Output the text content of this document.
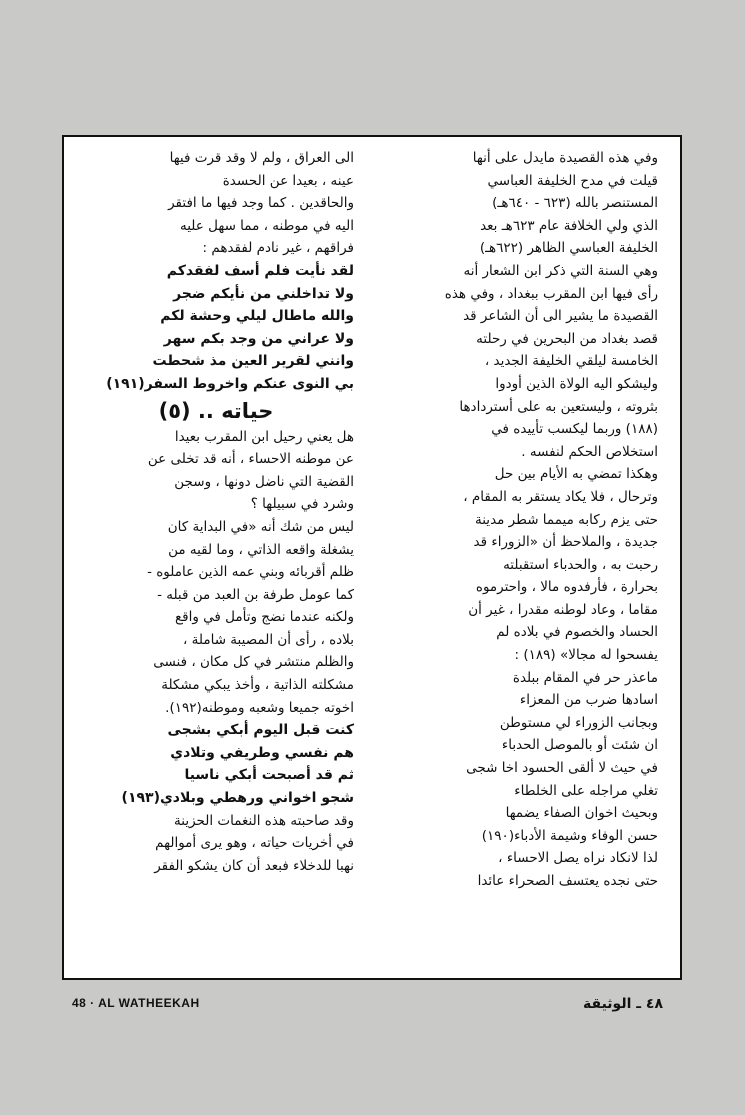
وفي هذه القصيدة مايدل على أنها

قيلت في مدح الخليفة العباسي

المستنصر بالله (٦٢٣ - ٦٤٠هـ)

الذي ولي الخلافة عام ٦٢٣هـ بعد

الخليفة العباسي الظاهر (٦٢٢هـ)

وهي السنة التي ذكر ابن الشعار أنه

رأى فيها ابن المقرب ببغداد ، وفي هذه

القصيدة ما يشير الى أن الشاعر قد

قصد بغداد من البحرين في رحلته

الخامسة ليلقي الخليفة الجديد ،

وليشكو اليه الولاة الذين أودوا

بثروته ، وليستعين به على أستردادها

(١٨٨) وربما ليكسب تأييده في

استخلاص الحكم لنفسه .

وهكذا تمضي به الأيام بين حل

وترحال ، فلا يكاد يستقر به المقام ،

حتى يزم ركابه ميمما شطر مدينة

جديدة ، والملاحظ أن «الزوراء قد

رحبت به ، والحدباء استقبلته

بحرارة ، فأرفدوه مالا ، واحترموه

مقاما ، وعاد لوطنه مقدرا ، غير أن

الحساد والخصوم في بلاده لم

يفسحوا له مجالا» (١٨٩) :

ماعذر حر في المقام ببلدة

اسادها ضرب من المعزاء

وبجانب الزوراء لي مستوطن

ان شئت أو بالموصل الحدباء

في حيث لا ألقى الحسود اخا شجى

تغلي مراجله على الخلطاء

وبحيث اخوان الصفاء يضمها

حسن الوفاء وشيمة الأدباء(١٩٠)

لذا لانكاد نراه يصل الاحساء ،

حتى نجده يعتسف الصحراء عائدا

الى العراق ، ولم لا وقد قرت فيها

عينه ، بعيدا عن الحسدة

والحاقدين . كما وجد فيها ما افتقر

اليه في موطنه ، مما سهل عليه

فراقهم ، غير نادم لفقدهم :

لقد نأيت فلم أسف لفقدكم

ولا تداخلني من نأيكم ضجر

والله ماطال ليلي وحشة لكم

ولا عراني من وجد بكم سهر

وانني لقرير العين مذ شحطت

بي النوى عنكم واخروط السفر(١٩١)

حياته .. (٥)

هل يعني رحيل ابن المقرب بعيدا

عن موطنه الاحساء ، أنه قد تخلى عن

القضية التي ناضل دونها ، وسجن

وشرد في سبيلها ؟

ليس من شك أنه «في البداية كان

يشغلة واقعه الذاتي ، وما لقيه من

ظلم أقربائه وبني عمه الذين عاملوه -

كما عومل طرفة بن العبد من قبله -

ولكنه عندما نضج وتأمل في واقع

بلاده ، رأى أن المصيبة شاملة ،

والظلم منتشر في كل مكان ، فنسى

مشكلته الذاتية ، وأخذ يبكي مشكلة

اخوته جميعا وشعبه وموطنه(١٩٢).

كنت قبل اليوم أبكي بشجى

هم نفسي وطريفي وتلادي

ثم قد أصبحت أبكي ناسيا

شجو اخواني ورهطي وبلادي(١٩٣)

وقد صاحبته هذه النغمات الحزينة

في أخريات حياته ، وهو يرى أموالهم

نهبا للدخلاء فبعد أن كان يشكو الفقر

48 · AL WATHEEKAH	٤٨ ـ الوثيقة
